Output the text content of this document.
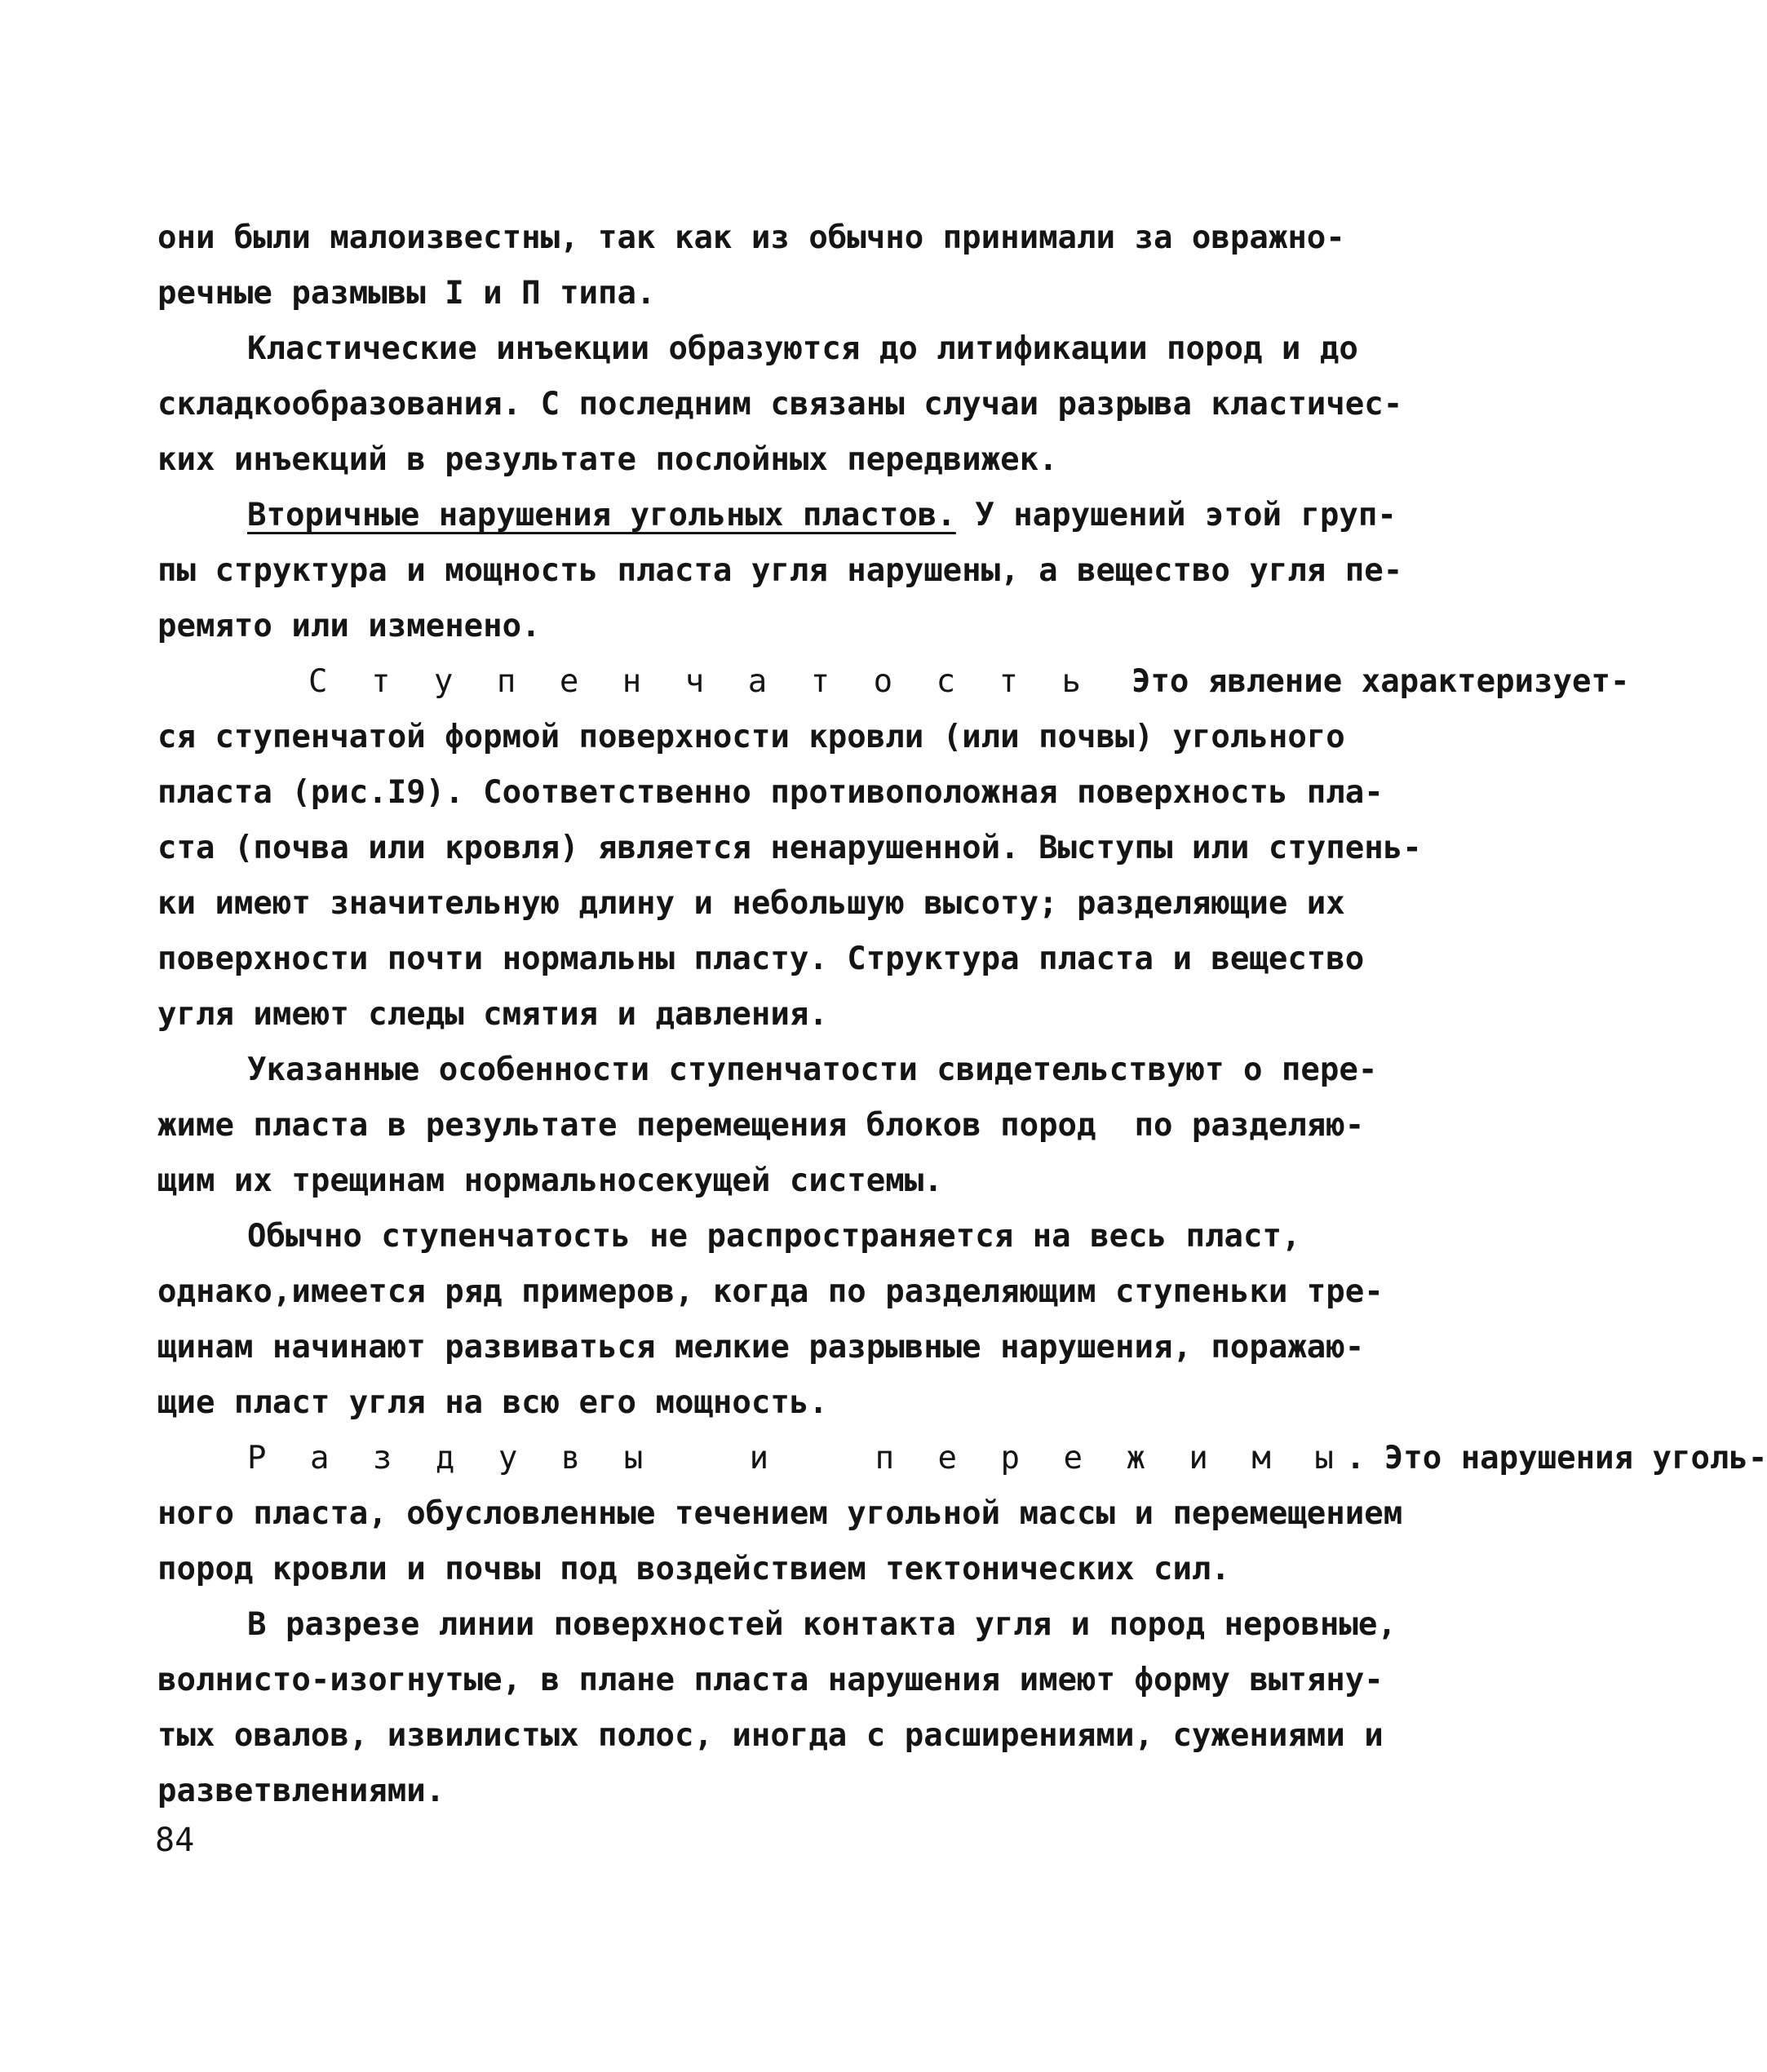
они были малоизвестны, так как из обычно принимали за овражно-
речные размывы I и П типа.
Кластические инъекции образуются до литификации пород и до
складкообразования. С последним связаны случаи разрыва кластичес-
ких инъекций в результате послойных передвижек.
Вторичные нарушения угольных пластов. У нарушений этой груп-
пы структура и мощность пласта угля нарушены, а вещество угля пе-
ремято или изменено.
С т у п е н ч а т о с т ь  Это явление характеризует-
ся ступенчатой формой поверхности кровли (или почвы) угольного
пласта (рис.I9). Соответственно противоположная поверхность пла-
ста (почва или кровля) является ненарушенной. Выступы или ступень-
ки имеют значительную длину и небольшую высоту; разделяющие их
поверхности почти нормальны пласту. Структура пласта и вещество
угля имеют следы смятия и давления.
Указанные особенности ступенчатости свидетельствуют о пере-
жиме пласта в результате перемещения блоков пород  по разделяю-
щим их трещинам нормальносекущей системы.
Обычно ступенчатость не распространяется на весь пласт,
однако,имеется ряд примеров, когда по разделяющим ступеньки тре-
щинам начинают развиваться мелкие разрывные нарушения, поражаю-
щие пласт угля на всю его мощность.
Р а з д у в ы   и   п е р е ж и м ы. Это нарушения уголь-
ного пласта, обусловленные течением угольной массы и перемещением
пород кровли и почвы под воздействием тектонических сил.
В разрезе линии поверхностей контакта угля и пород неровные,
волнисто-изогнутые, в плане пласта нарушения имеют форму вытяну-
тых овалов, извилистых полос, иногда с расширениями, сужениями и
разветвлениями.
84
